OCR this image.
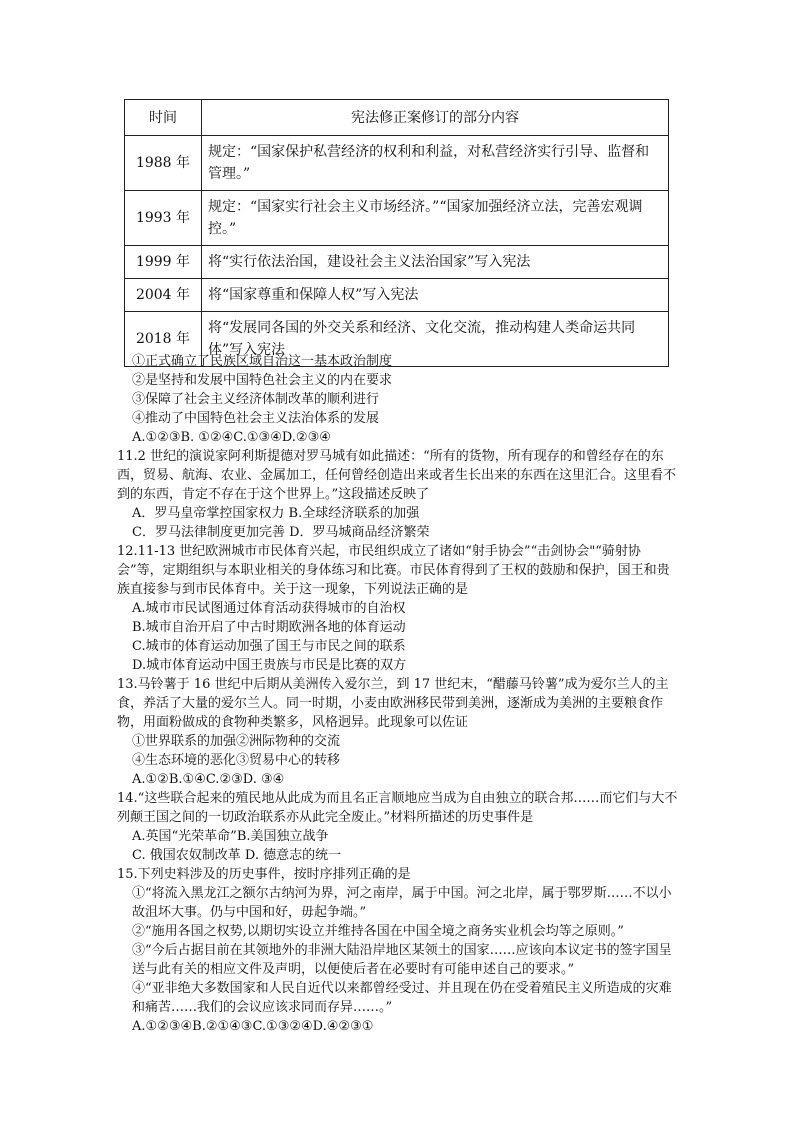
时间	宪法修正案修订的部分内容
1988 年	规定：“国家保护私营经济的权利和利益，对私营经济实行引导、监督和管理。”
1993 年	规定：“国家实行社会主义市场经济。”“国家加强经济立法，完善宏观调控。”
1999 年	将“实行依法治国，建设社会主义法治国家”写入宪法
2004 年	将“国家尊重和保障人权”写入宪法
2018 年	将“发展同各国的外交关系和经济、文化交流，推动构建人类命运共同体”写入宪法

①正式确立了民族区域自治这一基本政治制度

②是坚持和发展中国特色社会主义的内在要求

③保障了社会主义经济体制改革的顺利进行

④推动了中国特色社会主义法治体系的发展

A.①②③B. ①②④C.①③④D.②③④

11.2 世纪的演说家阿利斯提德对罗马城有如此描述：“所有的货物，所有现存的和曾经存在的东西，贸易、航海、农业、金属加工，任何曾经创造出来或者生长出来的东西在这里汇合。这里看不到的东西，肯定不存在于这个世界上。”这段描述反映了

A．罗马皇帝掌控国家权力 B.全球经济联系的加强

C．罗马法律制度更加完善 D．罗马城商品经济繁荣

12.11-13 世纪欧洲城市市民体育兴起，市民组织成立了诸如“射手协会”“击剑协会"“骑射协会”等，定期组织与本职业相关的身体练习和比赛。市民体育得到了王权的鼓励和保护，国王和贵族直接参与到市民体育中。关于这一现象，下列说法正确的是

A.城市市民试图通过体育活动获得城市的自治权

B.城市自治开启了中古时期欧洲各地的体育运动

C.城市的体育运动加强了国王与市民之间的联系

D.城市体育运动中国王贵族与市民是比赛的双方

13.马铃薯于 16 世纪中后期从美洲传入爱尔兰，到 17 世纪末，“醋藤马铃薯”成为爱尔兰人的主食，养活了大量的爱尔兰人。同一时期，小麦由欧洲移民带到美洲，逐渐成为美洲的主要粮食作物，用面粉做成的食物种类繁多，风格迥异。此现象可以佐证

①世界联系的加强②洲际物种的交流

④生态环境的恶化③贸易中心的转移

A.①②B.①④C.②③D. ③④

14.“这些联合起来的殖民地从此成为而且名正言顺地应当成为自由独立的联合邦……而它们与大不列颠王国之间的一切政治联系亦从此完全废止。”材料所描述的历史事件是

A.英国“光荣革命”B.美国独立战争

C. 俄国农奴制改革 D. 德意志的统一

15.下列史料涉及的历史事件，按时序排列正确的是

①“将流入黑龙江之额尔古纳河为界，河之南岸，属于中国。河之北岸，属于鄂罗斯……不以小故沮坏大事。仍与中国和好，毋起争端。”

②“施用各国之权势,以期切实设立并维持各国在中国全境之商务实业机会均等之原则。”

③“今后占据目前在其领地外的非洲大陆沿岸地区某领土的国家……应该向本议定书的签字国呈送与此有关的相应文件及声明，以便使后者在必要时有可能申述自己的要求。”

④“亚非绝大多数国家和人民自近代以来都曾经受过、并且现在仍在受着殖民主义所造成的灾难和痛苦……我们的会议应该求同而存异……。”

A.①②③④B.②①④③C.①③②④D.④②③①
